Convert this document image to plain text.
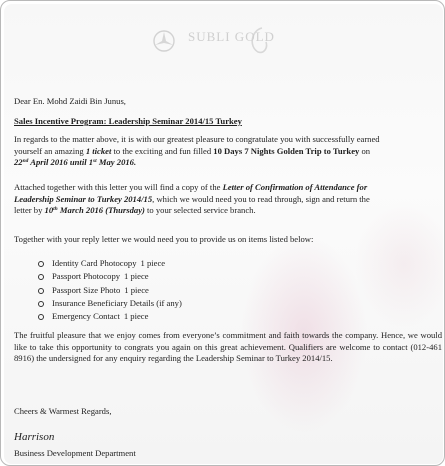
SUBLI GOLD
Dear En. Mohd Zaidi Bin Junus,
Sales Incentive Program: Leadership Seminar 2014/15 Turkey
In regards to the matter above, it is with our greatest pleasure to congratulate you with successfully earned
yourself an amazing 1 ticket to the exciting and fun filled 10 Days 7 Nights Golden Trip to Turkey on
22nd April 2016 until 1st May 2016.
Attached together with this letter you will find a copy of the Letter of Confirmation of Attendance for
Leadership Seminar to Turkey 2014/15, which we would need you to read through, sign and return the
letter by 10th March 2016 (Thursday) to your selected service branch.
Together with your reply letter we would need you to provide us on items listed below:
Identity Card Photocopy 1 piece
Passport Photocopy 1 piece
Passport Size Photo 1 piece
Insurance Beneficiary Details (if any)
Emergency Contact 1 piece
The fruitful pleasure that we enjoy comes from everyone’s commitment and faith towards the company. Hence, we would like to take this opportunity to congrats you again on this great achievement. Qualifiers are welcome to contact (012-461 8916) the undersigned for any enquiry regarding the Leadership Seminar to Turkey 2014/15.
Cheers & Warmest Regards,
Harrison
Business Development Department
